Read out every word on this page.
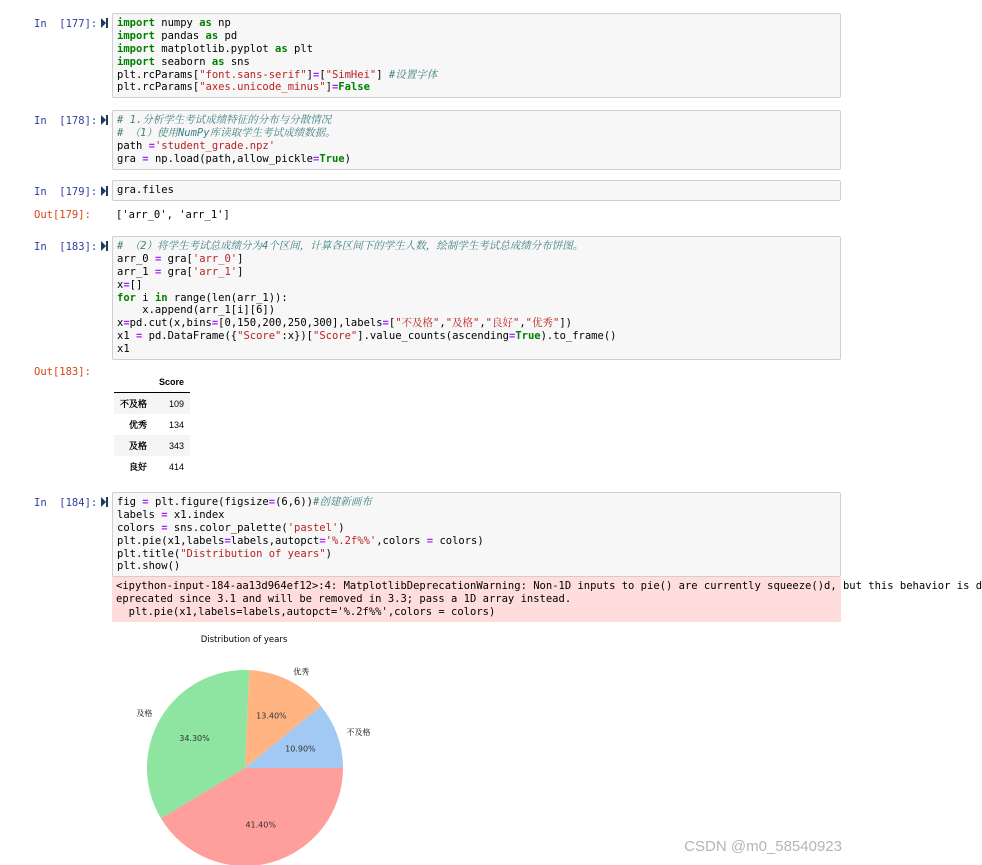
In  [177]: import numpy as np
import pandas as pd
import matplotlib.pyplot as plt
import seaborn as sns
plt.rcParams["font.sans-serif"]=["SimHei"] #设置字体
plt.rcParams["axes.unicode_minus"]=False
In  [178]: # 1.分析学生考试成绩特征的分布与分散情况
# （1）使用NumPy库读取学生考试成绩数据。
path ='student_grade.npz'
gra = np.load(path,allow_pickle=True)
In  [179]: gra.files
Out[179]: ['arr_0', 'arr_1']
In  [183]: # （2）将学生考试总成绩分为4个区间，计算各区间下的学生人数，绘制学生考试总成绩分布饼图。
arr_0 = gra['arr_0']
arr_1 = gra['arr_1']
x=[]
for i in range(len(arr_1)):
x.append(arr_1[i][6])
x=pd.cut(x,bins=[0,150,200,250,300],labels=["不及格","及格","良好","优秀"])
x1 = pd.DataFrame({"Score":x})["Score"].value_counts(ascending=True).to_frame()
x1
Out[183]:
	Score
不及格	109
优秀	134
及格	343
良好	414
In  [184]: fig = plt.figure(figsize=(6,6))#创建新画布
labels = x1.index
colors = sns.color_palette('pastel')
plt.pie(x1,labels=labels,autopct='%.2f%%',colors = colors)
plt.title("Distribution of years")
plt.show()
<ipython-input-184-aa13d964ef12>:4: MatplotlibDeprecationWarning: Non-1D inputs to pie() are currently squeeze()d, but this behavior is d
eprecated since 3.1 and will be removed in 3.3; pass a 1D array instead.
plt.pie(x1,labels=labels,autopct='%.2f%%',colors = colors)
Distribution of years
10.90%
不及格
13.40%
优秀
34.30%
及格
41.40%
CSDN @m0_58540923
